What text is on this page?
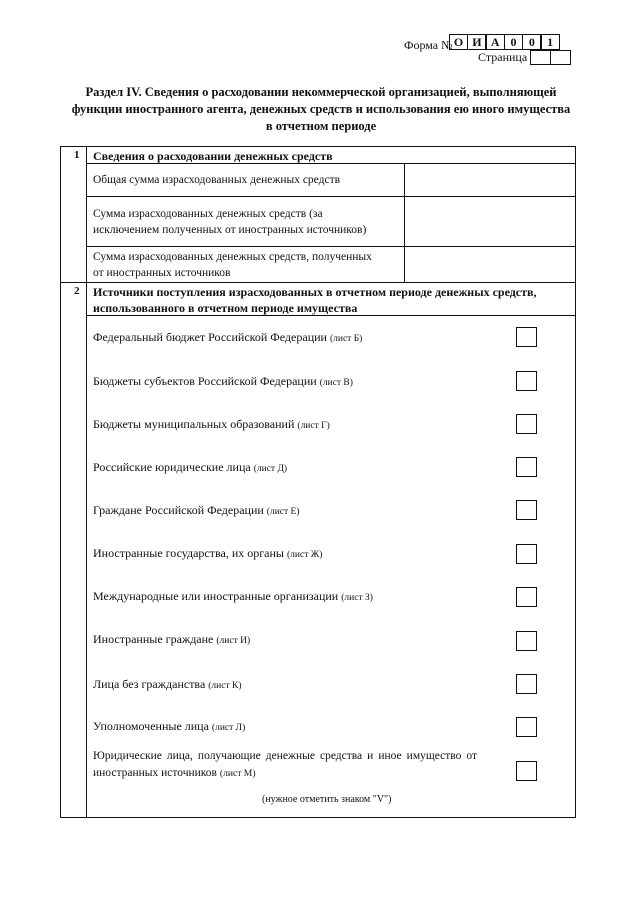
Форма № О И А 0	0	1
Страница
Раздел IV. Сведения о расходовании некоммерческой организацией, выполняющей
функции иностранного агента, денежных средств и использования ею иного имущества
в отчетном периоде
1 Сведения о расходовании денежных средств
Общая сумма израсходованных денежных средств
Сумма израсходованных денежных средств (за
исключением полученных от иностранных источников)
Сумма израсходованных денежных средств, полученных
от иностранных источников
2 Источники поступления израсходованных в отчетном периоде денежных средств,
использованного в отчетном периоде имущества
Федеральный бюджет Российской Федерации (лист Б)
Бюджеты субъектов Российской Федерации (лист В)
Бюджеты муниципальных образований (лист Г)
Российские юридические лица (лист Д)
Граждане Российской Федерации (лист Е)
Иностранные государства, их органы (лист Ж)
Международные или иностранные организации (лист З)
Иностранные граждане (лист И)
Лица без гражданства (лист К)
Уполномоченные лица (лист Л)
Юридические лица, получающие денежные средства и иное имущество от иностранных источников (лист М)
(нужное отметить знаком "V")
